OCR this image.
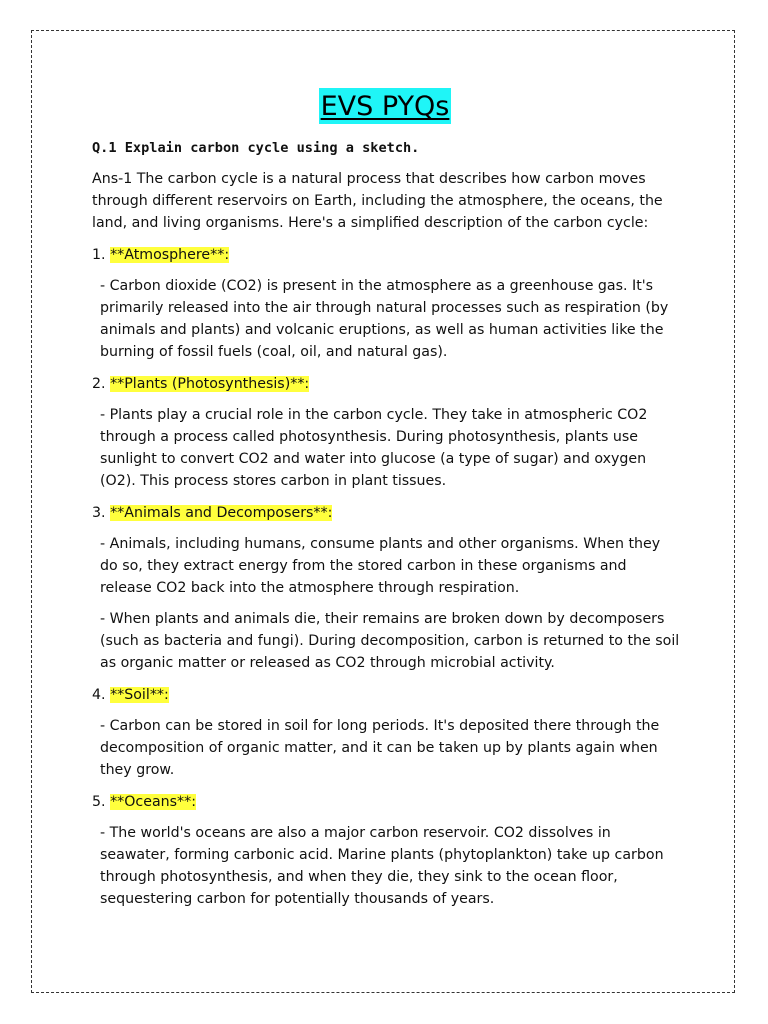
EVS PYQs
Q.1 Explain carbon cycle using a sketch.

Ans-1 The carbon cycle is a natural process that describes how carbon moves through different reservoirs on Earth, including the atmosphere, the oceans, the land, and living organisms. Here's a simplified description of the carbon cycle:

1. **Atmosphere**:

- Carbon dioxide (CO2) is present in the atmosphere as a greenhouse gas. It's primarily released into the air through natural processes such as respiration (by animals and plants) and volcanic eruptions, as well as human activities like the burning of fossil fuels (coal, oil, and natural gas).

2. **Plants (Photosynthesis)**:

- Plants play a crucial role in the carbon cycle. They take in atmospheric CO2 through a process called photosynthesis. During photosynthesis, plants use sunlight to convert CO2 and water into glucose (a type of sugar) and oxygen (O2). This process stores carbon in plant tissues.

3. **Animals and Decomposers**:

- Animals, including humans, consume plants and other organisms. When they do so, they extract energy from the stored carbon in these organisms and release CO2 back into the atmosphere through respiration.

- When plants and animals die, their remains are broken down by decomposers (such as bacteria and fungi). During decomposition, carbon is returned to the soil as organic matter or released as CO2 through microbial activity.

4. **Soil**:

- Carbon can be stored in soil for long periods. It's deposited there through the decomposition of organic matter, and it can be taken up by plants again when they grow.

5. **Oceans**:

- The world's oceans are also a major carbon reservoir. CO2 dissolves in seawater, forming carbonic acid. Marine plants (phytoplankton) take up carbon through photosynthesis, and when they die, they sink to the ocean floor, sequestering carbon for potentially thousands of years.
